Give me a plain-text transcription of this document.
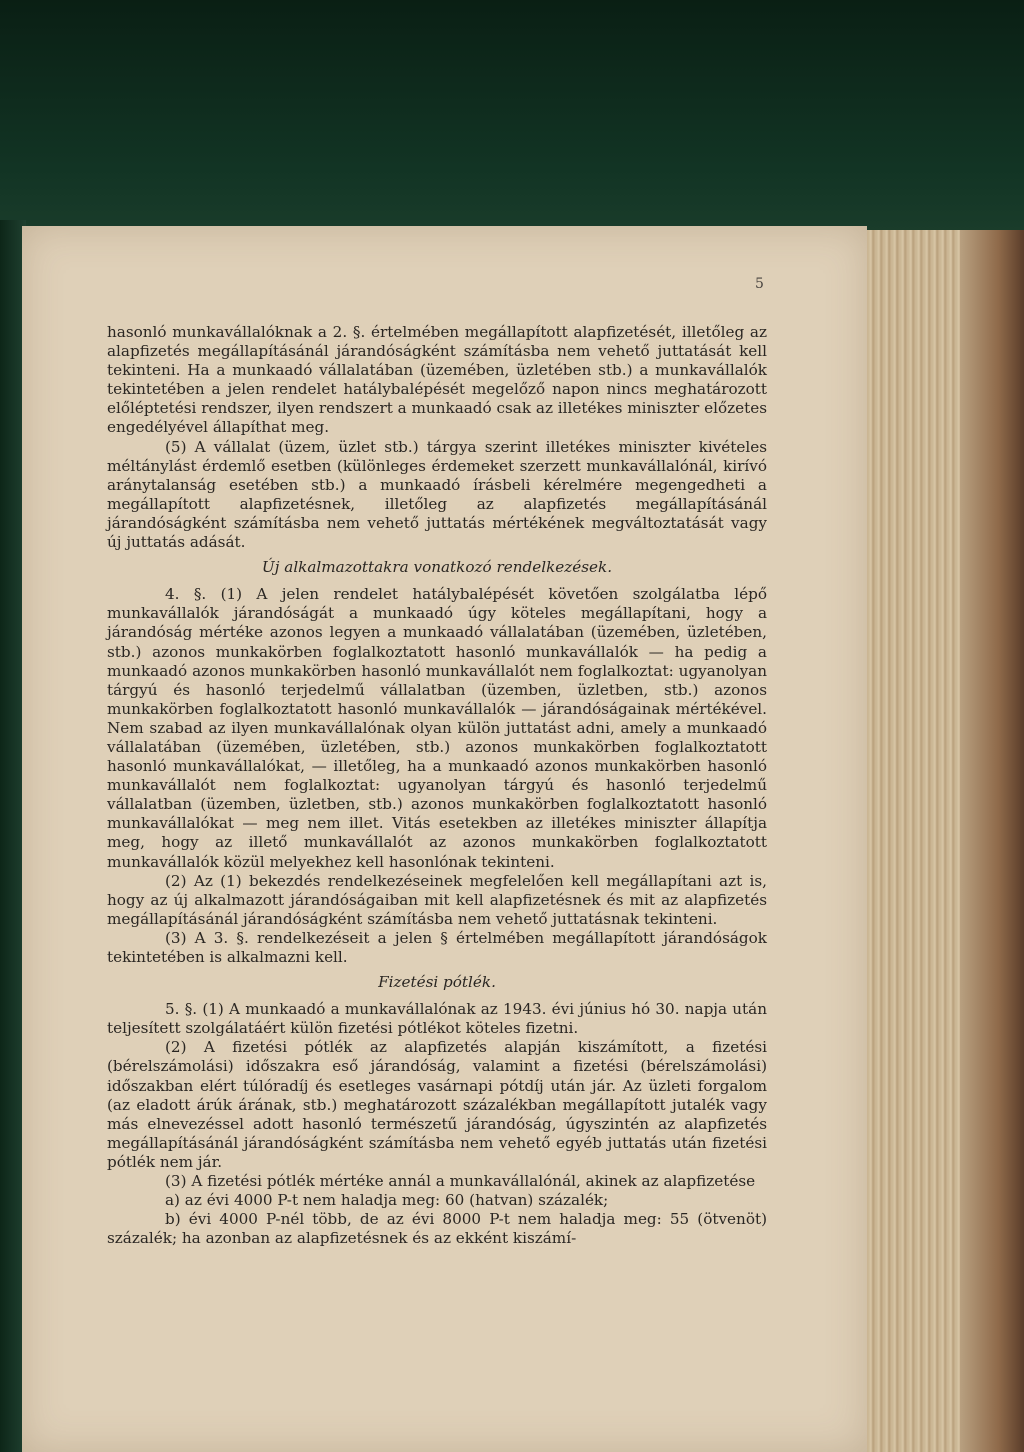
5

hasonló munkavállalóknak a 2. §. értelmében megállapított alapfizetését, illetőleg az alapfizetés megállapításánál járandóságként számításba nem vehető juttatását kell tekinteni. Ha a munkaadó vállalatában (üzemében, üzletében stb.) a munkavállalók tekintetében a jelen rendelet hatálybalépését megelőző napon nincs meghatározott előléptetési rendszer, ilyen rendszert a munkaadó csak az illetékes miniszter előzetes engedélyével állapíthat meg.

(5) A vállalat (üzem, üzlet stb.) tárgya szerint illetékes miniszter kivételes méltánylást érdemlő esetben (különleges érdemeket szerzett munkavállalónál, kirívó aránytalanság esetében stb.) a munkaadó írásbeli kérelmére megengedheti a megállapított alapfizetésnek, illetőleg az alapfizetés megállapításánál járandóságként számításba nem vehető juttatás mértékének megváltoztatását vagy új juttatás adását.

Új alkalmazottakra vonatkozó rendelkezések.

4. §. (1) A jelen rendelet hatálybalépését követően szolgálatba lépő munkavállalók járandóságát a munkaadó úgy köteles megállapítani, hogy a járandóság mértéke azonos legyen a munkaadó vállalatában (üzemében, üzletében, stb.) azonos munkakörben foglalkoztatott hasonló munkavállalók — ha pedig a munkaadó azonos munkakörben hasonló munkavállalót nem foglalkoztat: ugyanolyan tárgyú és hasonló terjedelmű vállalatban (üzemben, üzletben, stb.) azonos munkakörben foglalkoztatott hasonló munkavállalók — járandóságainak mértékével. Nem szabad az ilyen munkavállalónak olyan külön juttatást adni, amely a munkaadó vállalatában (üzemében, üzletében, stb.) azonos munkakörben foglalkoztatott hasonló munkavállalókat, — illetőleg, ha a munkaadó azonos munkakörben hasonló munkavállalót nem foglalkoztat: ugyanolyan tárgyú és hasonló terjedelmű vállalatban (üzemben, üzletben, stb.) azonos munkakörben foglalkoztatott hasonló munkavállalókat — meg nem illet. Vitás esetekben az illetékes miniszter állapítja meg, hogy az illető munkavállalót az azonos munkakörben foglalkoztatott munkavállalók közül melyekhez kell hasonlónak tekinteni.

(2) Az (1) bekezdés rendelkezéseinek megfelelően kell megállapítani azt is, hogy az új alkalmazott járandóságaiban mit kell alapfizetésnek és mit az alapfizetés megállapításánál járandóságként számításba nem vehető juttatásnak tekinteni.

(3) A 3. §. rendelkezéseit a jelen § értelmében megállapított járandóságok tekintetében is alkalmazni kell.

Fizetési pótlék.

5. §. (1) A munkaadó a munkavállalónak az 1943. évi június hó 30. napja után teljesített szolgálatáért külön fizetési pótlékot köteles fizetni.

(2) A fizetési pótlék az alapfizetés alapján kiszámított, a fizetési (bérelszámolási) időszakra eső járandóság, valamint a fizetési (bérelszámolási) időszakban elért túlóradíj és esetleges vasárnapi pótdíj után jár. Az üzleti forgalom (az eladott árúk árának, stb.) meghatározott százalékban megállapított jutalék vagy más elnevezéssel adott hasonló természetű járandóság, úgyszintén az alapfizetés megállapításánál járandóságként számításba nem vehető egyéb juttatás után fizetési pótlék nem jár.

(3) A fizetési pótlék mértéke annál a munkavállalónál, akinek az alapfizetése

a) az évi 4000 P-t nem haladja meg: 60 (hatvan) százalék;

b) évi 4000 P-nél több, de az évi 8000 P-t nem haladja meg: 55 (ötvenöt) százalék; ha azonban az alapfizetésnek és az ekként kiszámí-
